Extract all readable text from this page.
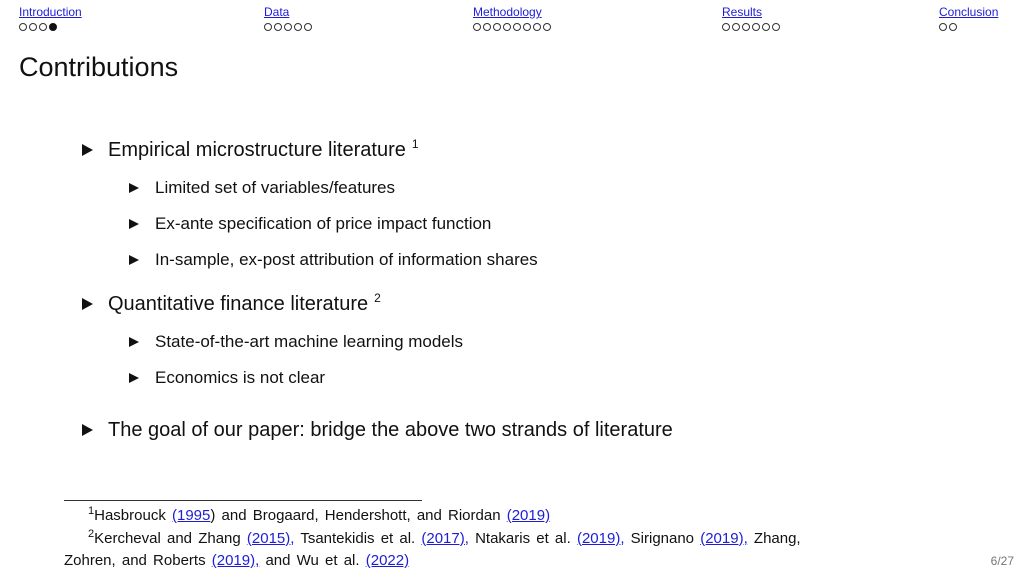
Introduction	Data	Methodology	Results	Conclusion
Contributions
Empirical microstructure literature $^1$
Limited set of variables/features
Ex-ante specification of price impact function
In-sample, ex-post attribution of information shares
Quantitative finance literature $^2$
State-of-the-art machine learning models
Economics is not clear
The goal of our paper: bridge the above two strands of literature
$^1$Hasbrouck (1995) and Brogaard, Hendershott, and Riordan (2019)
$^2$Kercheval and Zhang (2015), Tsantekidis et al. (2017), Ntakaris et al. (2019), Sirignano (2019), Zhang,
Zohren, and Roberts (2019), and Wu et al. (2022)	6/27
